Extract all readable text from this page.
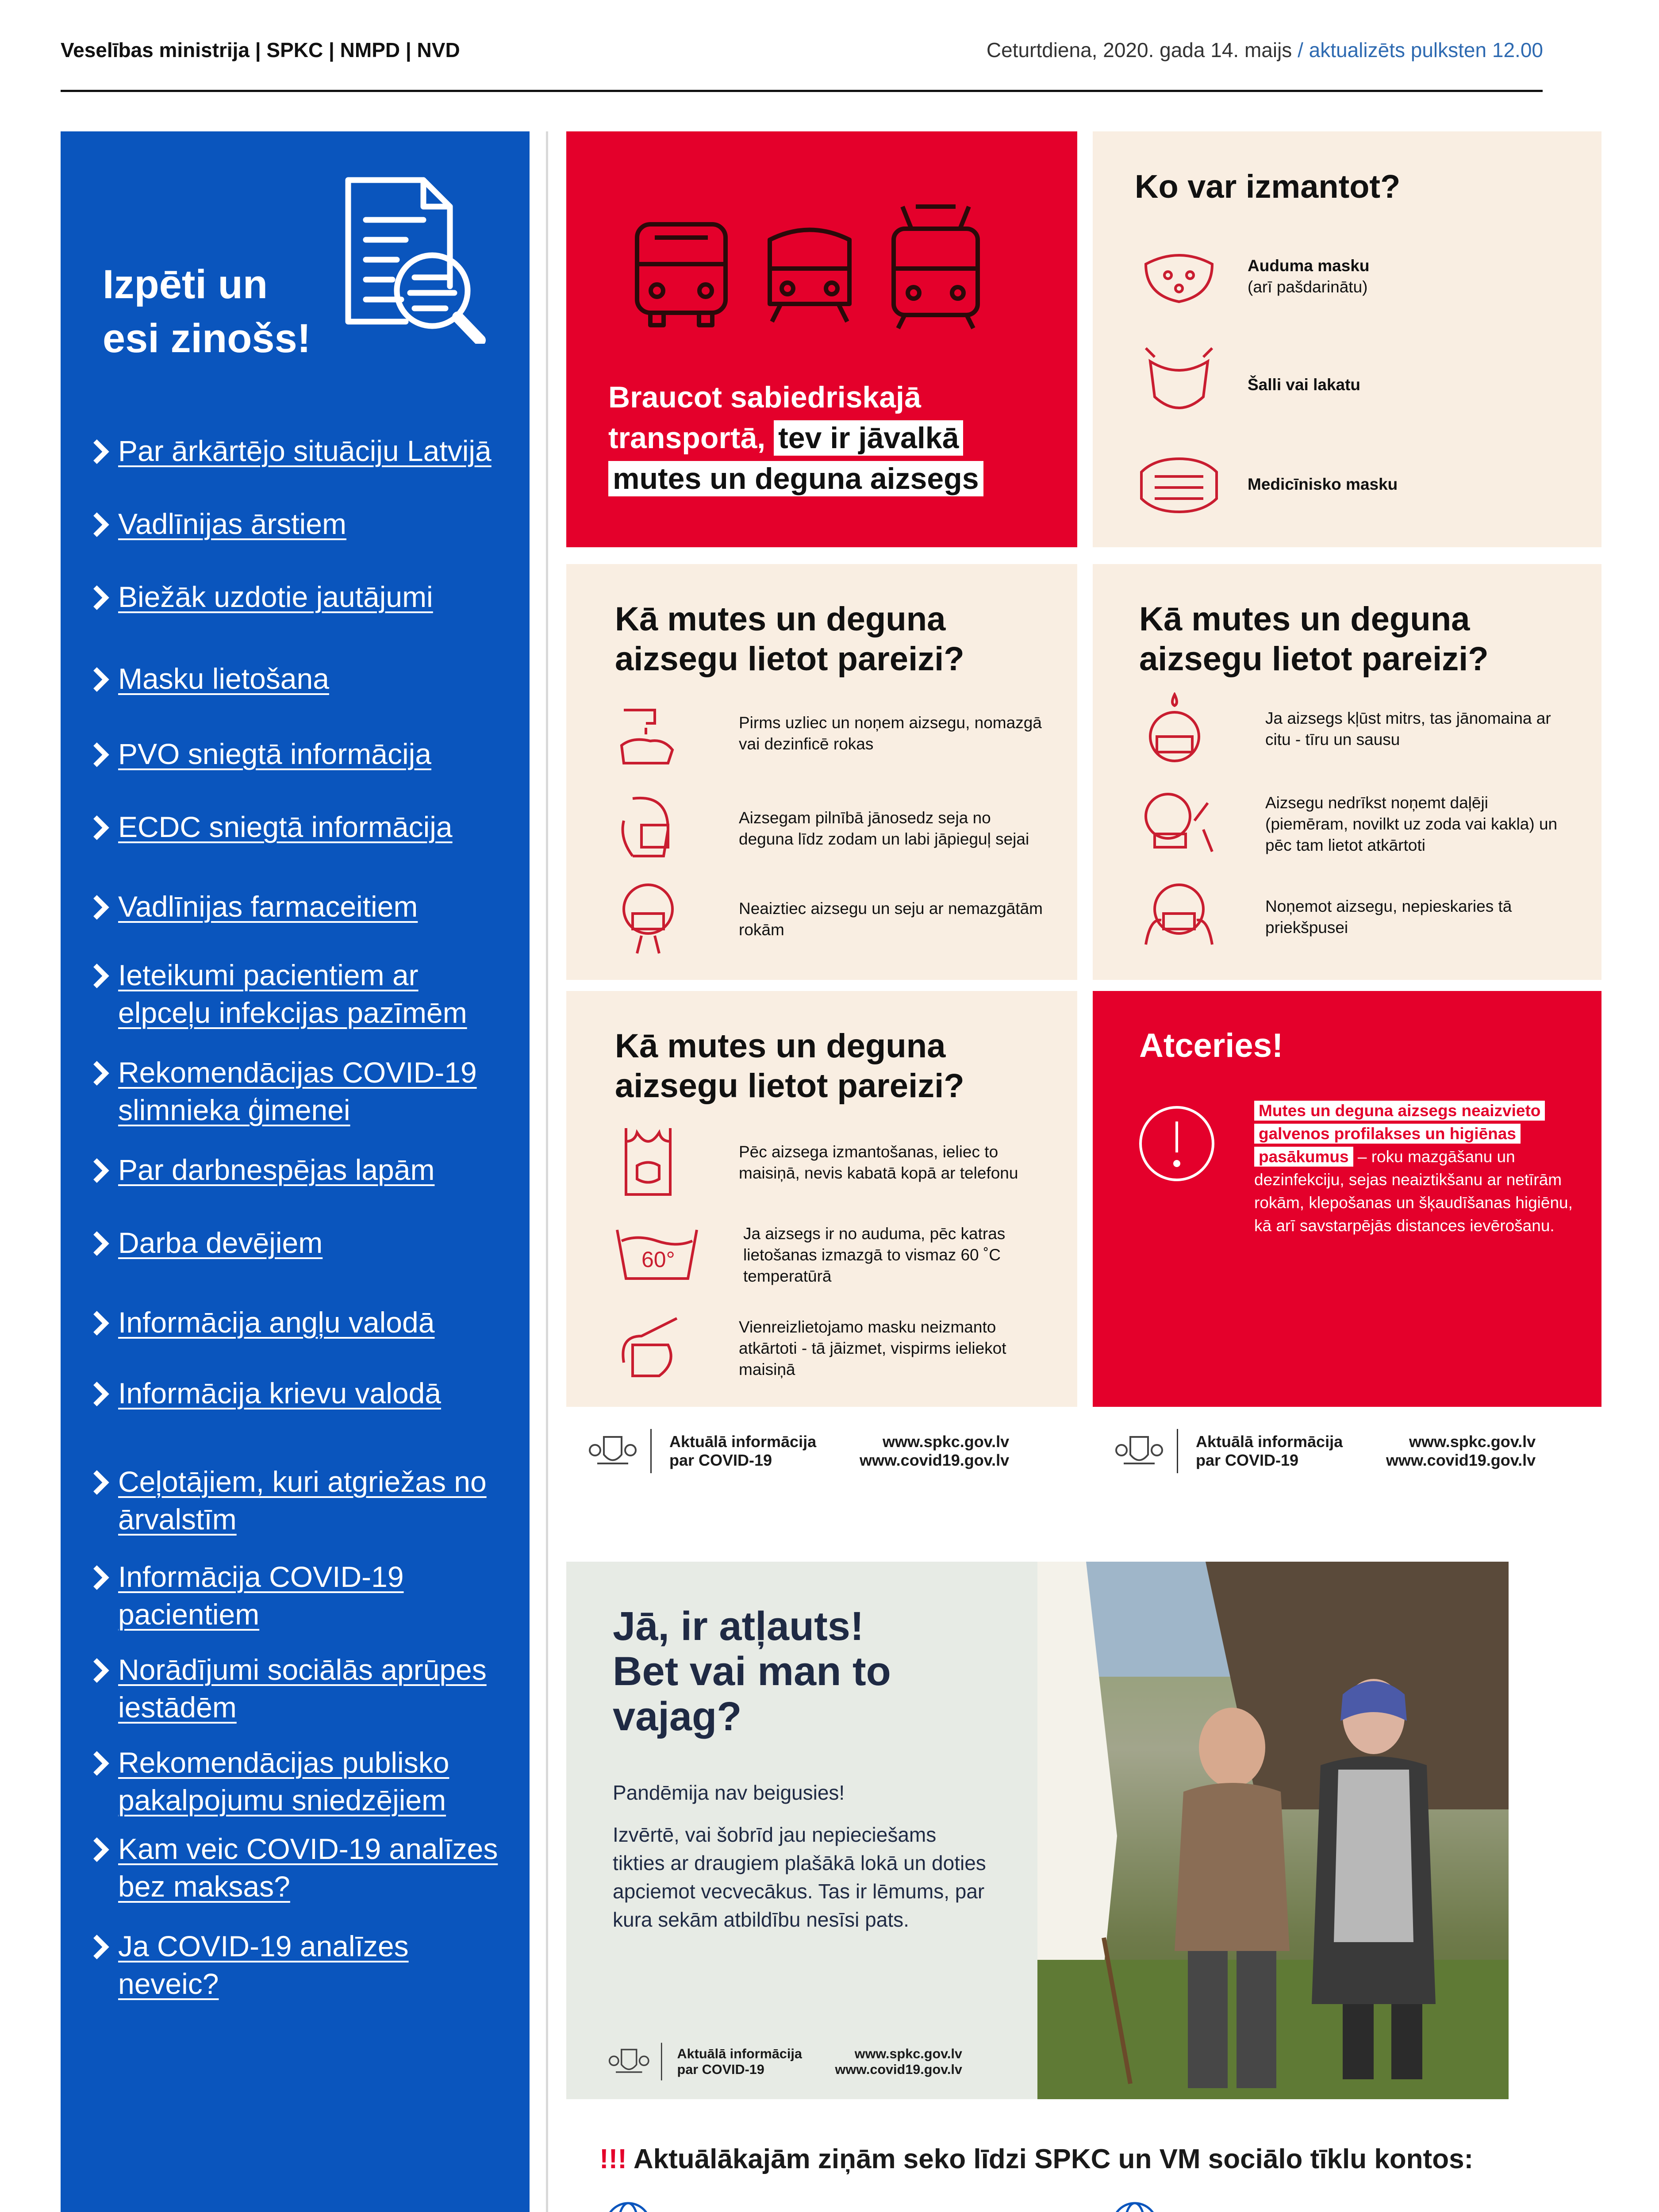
Veselības ministrija | SPKC | NMPD | NVD	Ceturtdiena, 2020. gada 14. maijs / aktualizēts pulksten 12.00
Izpēti un esi zinošs!
Par ārkārtējo situāciju Latvijā
Vadlīnijas ārstiem
Biežāk uzdotie jautājumi
Masku lietošana
PVO sniegtā informācija
ECDC sniegtā informācija
Vadlīnijas farmaceitiem
Ieteikumi pacientiem ar elpceļu infekcijas pazīmēm
Rekomendācijas COVID-19 slimnieka ģimenei
Par darbnespējas lapām
Darba devējiem
Informācija angļu valodā
Informācija krievu valodā
Ceļotājiem, kuri atgriežas no ārvalstīm
Informācija COVID-19 pacientiem
Norādījumi sociālās aprūpes iestādēm
Rekomendācijas publisko pakalpojumu sniedzējiem
Kam veic COVID-19 analīzes bez maksas?
Ja COVID-19 analīzes neveic?
Braucot sabiedriskajā
transportā, tev ir jāvalkā
mutes un deguna aizsegs
Ko var izmantot?
Auduma masku
(arī pašdarinātu)
Šalli vai lakatu
Medicīnisko masku
Kā mutes un deguna aizsegu lietot pareizi?
Pirms uzliec un noņem aizsegu, nomazgā vai dezinficē rokas
Aizsegam pilnībā jānosedz seja no deguna līdz zodam un labi jāpieguļ sejai
Neaiztiec aizsegu un seju ar nemazgātām rokām
Kā mutes un deguna aizsegu lietot pareizi?
Ja aizsegs kļūst mitrs, tas jānomaina ar citu - tīru un sausu
Aizsegu nedrīkst noņemt daļēji (piemēram, novilkt uz zoda vai kakla) un pēc tam lietot atkārtoti
Noņemot aizsegu, nepieskaries tā priekšpusei
Kā mutes un deguna aizsegu lietot pareizi?
Pēc aizsega izmantošanas, ieliec to maisiņā, nevis kabatā kopā ar telefonu
60°
Ja aizsegs ir no auduma, pēc katras lietošanas izmazgā to vismaz 60 ˚C temperatūrā
Vienreizlietojamo masku neizmanto atkārtoti - tā jāizmet, vispirms ieliekot maisiņā
Atceries!
Mutes un deguna aizsegs neaizvieto
galvenos profilakses un higiēnas
pasākumus – roku mazgāšanu un dezinfekciju, sejas neaiztikšanu ar netīrām rokām, klepošanas un šķaudīšanas higiēnu, kā arī savstarpējās distances ievērošanu.
Aktuālā informācija
par COVID-19
www.spkc.gov.lv
www.covid19.gov.lv
Aktuālā informācija
par COVID-19
www.spkc.gov.lv
www.covid19.gov.lv
Jā, ir atļauts!
Bet vai man to
vajag?
Pandēmija nav beigusies!
Izvērtē, vai šobrīd jau nepieciešams tikties ar draugiem plašākā lokā un doties apciemot vecvecākus. Tas ir lēmums, par kura sekām atbildību nesīsi pats.
Aktuālā informācija
par COVID-19
www.spkc.gov.lv
www.covid19.gov.lv
!!! Aktuālākajām ziņām seko līdzi SPKC un VM sociālo tīklu kontos:
